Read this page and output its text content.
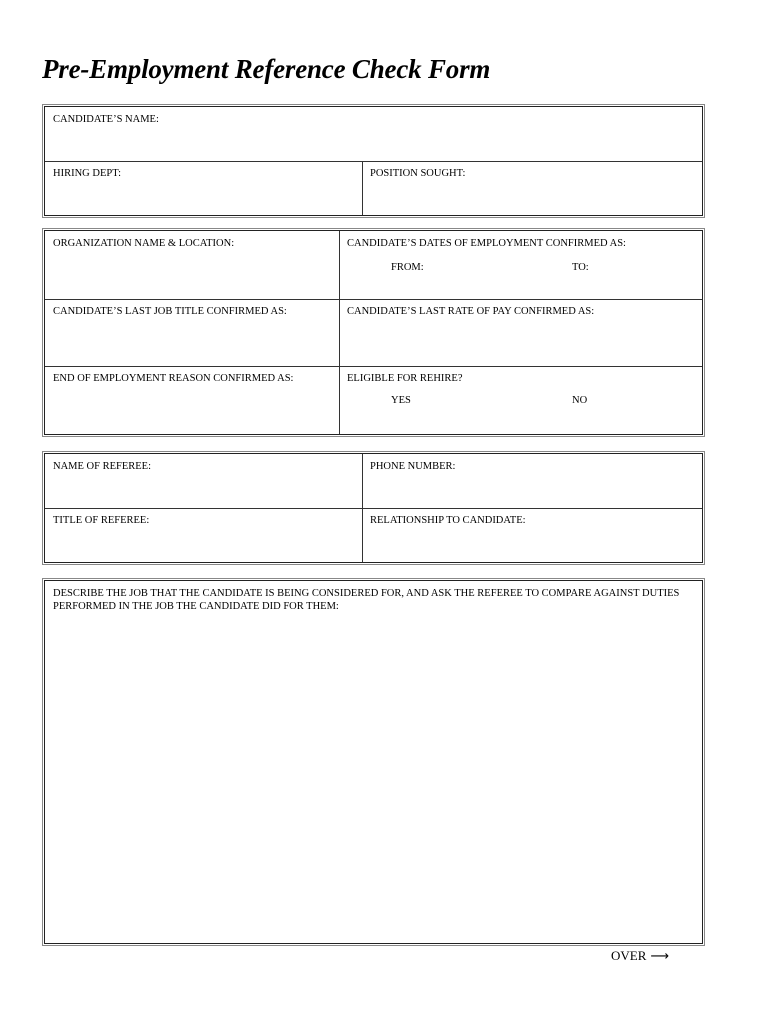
Pre-Employment Reference Check Form
CANDIDATE’S NAME:
HIRING DEPT:	POSITION SOUGHT:
ORGANIZATION NAME & LOCATION:	CANDIDATE’S DATES OF EMPLOYMENT CONFIRMED AS:
FROM:	TO:
CANDIDATE’S LAST JOB TITLE CONFIRMED AS:	CANDIDATE’S LAST RATE OF PAY CONFIRMED AS:
END OF EMPLOYMENT REASON CONFIRMED AS:	ELIGIBLE FOR REHIRE?
YES	NO
NAME OF REFEREE:	PHONE NUMBER:
TITLE OF REFEREE:	RELATIONSHIP TO CANDIDATE:
DESCRIBE THE JOB THAT THE CANDIDATE IS BEING CONSIDERED FOR, AND ASK THE REFEREE TO COMPARE AGAINST DUTIES PERFORMED IN THE JOB THE CANDIDATE DID FOR THEM:
OVER ⟶
